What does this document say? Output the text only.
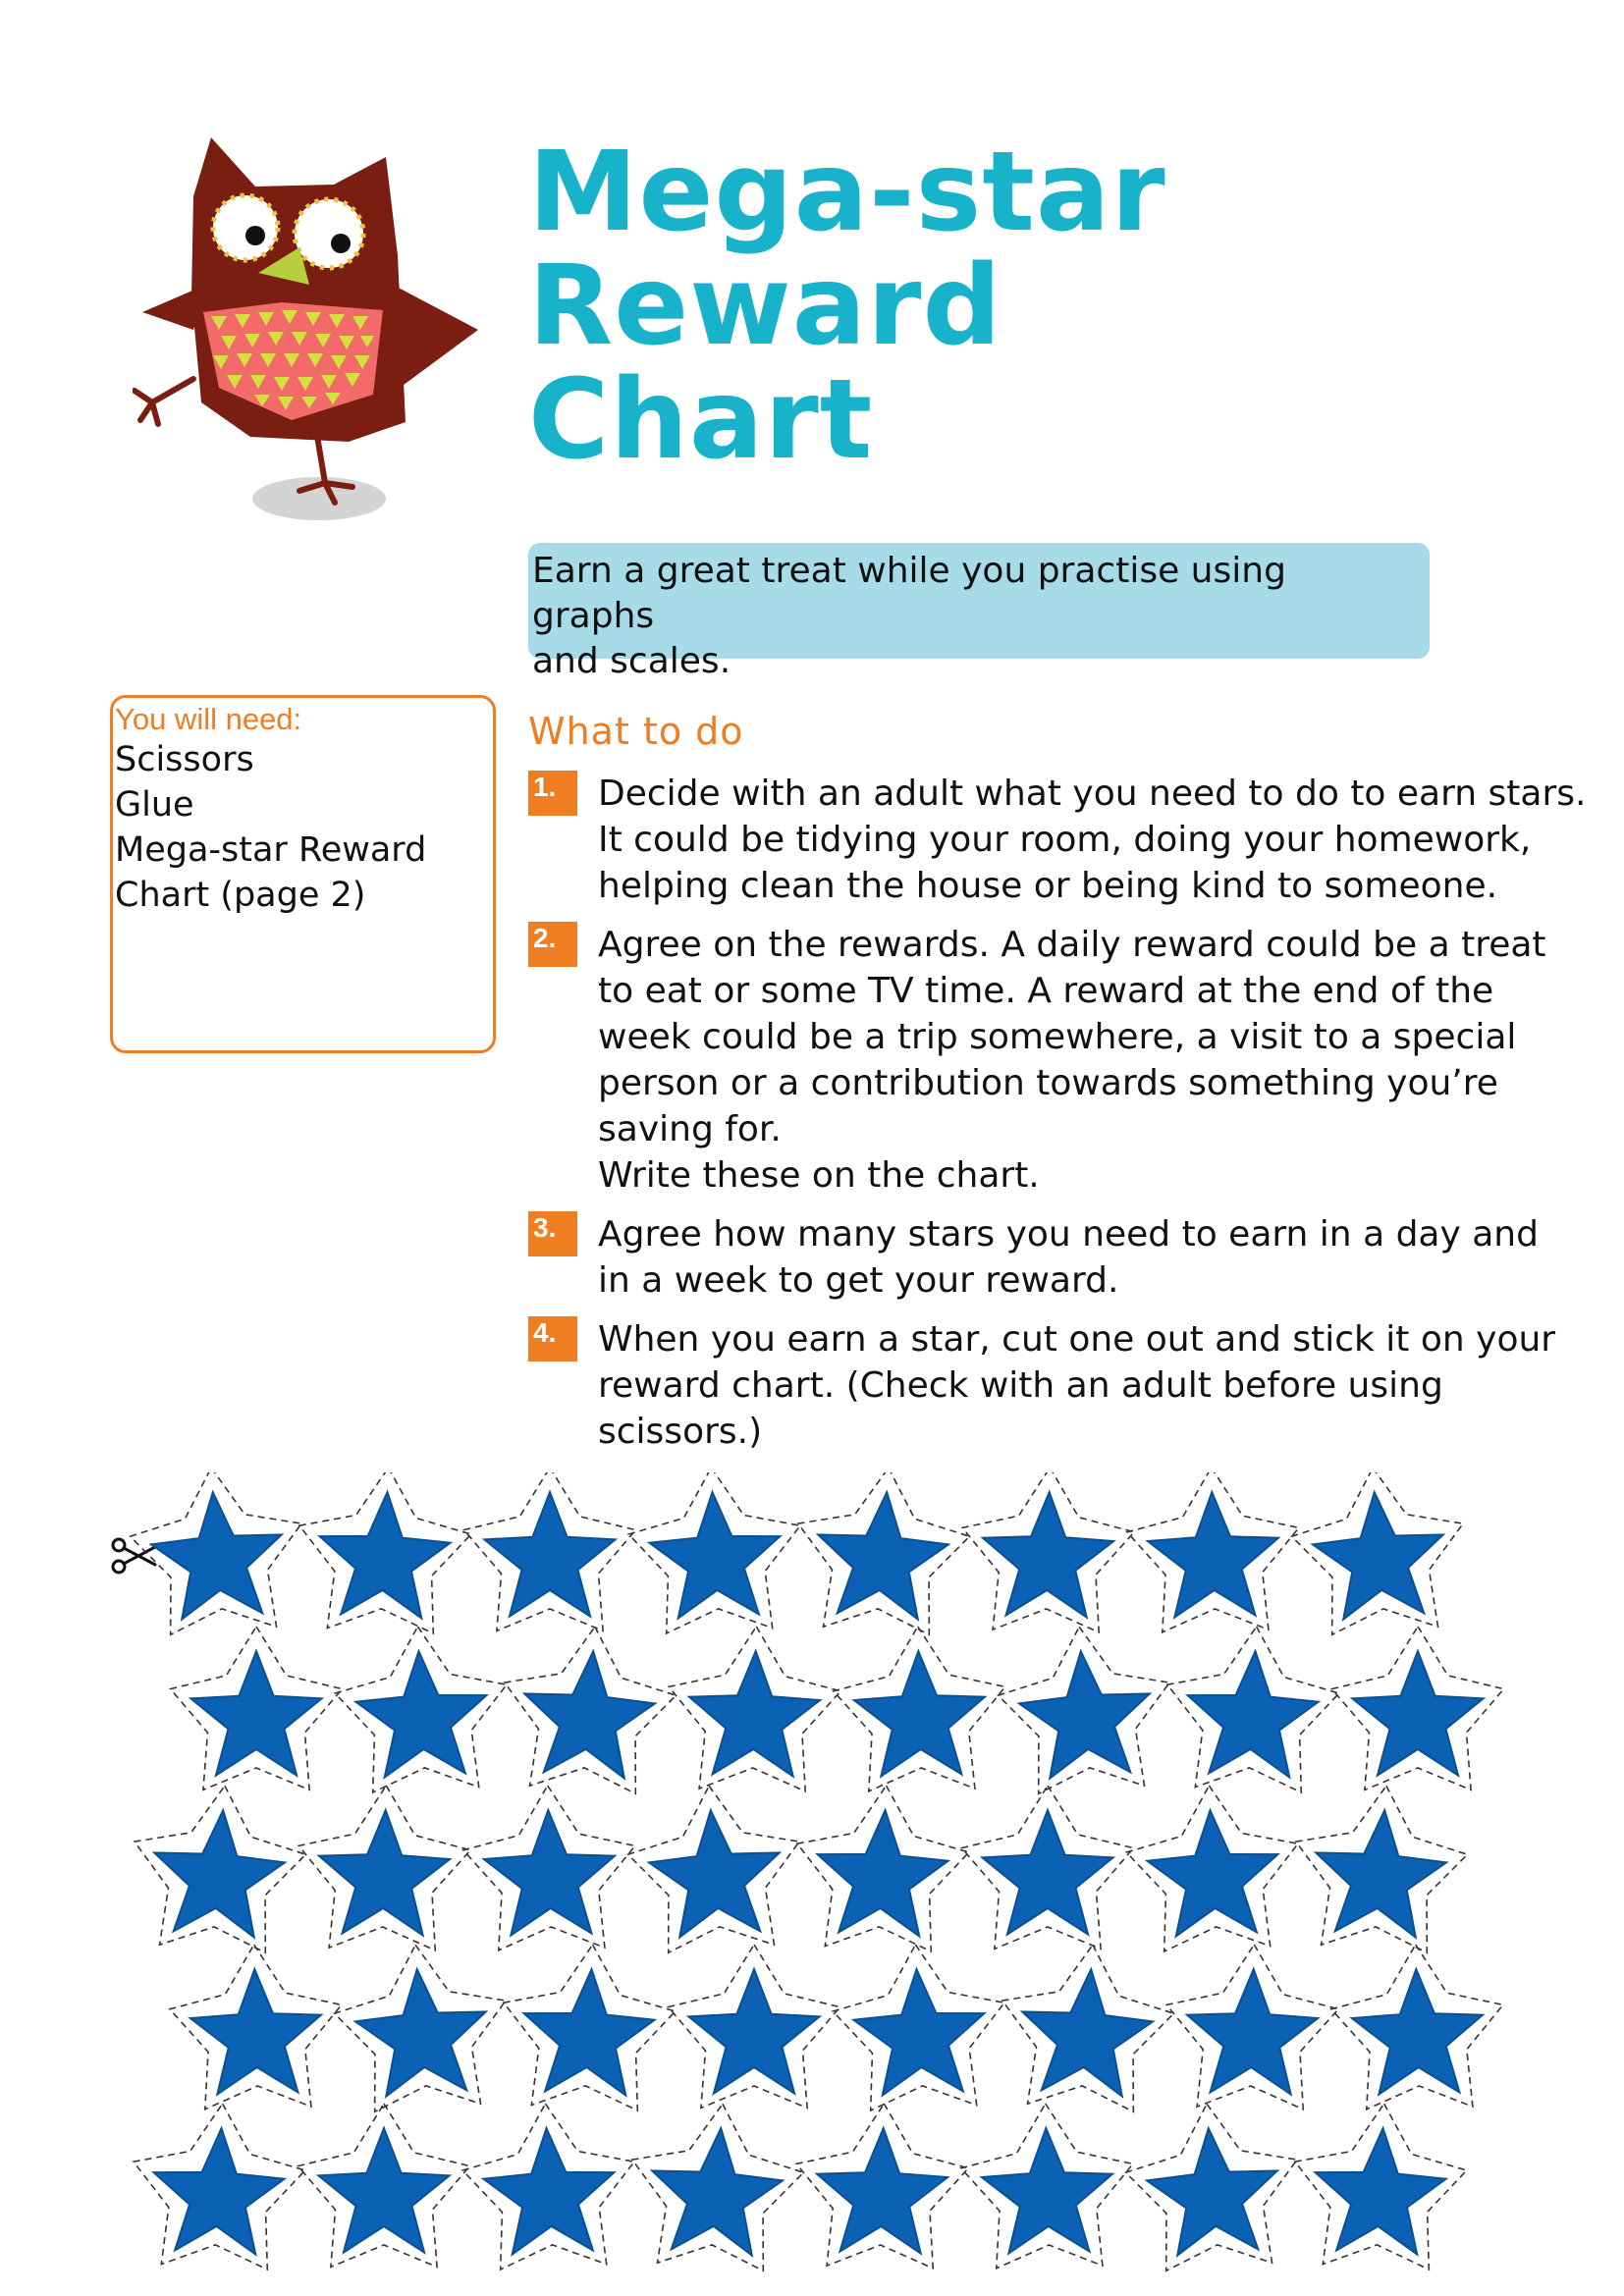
Mega-star
Reward
Chart
Earn a great treat while you practise using graphs
and scales.
You will need:
Scissors
Glue
Mega-star Reward
Chart (page 2)
What to do
1.	Decide with an adult what you need to do to earn stars.
It could be tidying your room, doing your homework,
helping clean the house or being kind to someone.
2.	Agree on the rewards. A daily reward could be a treat
to eat or some TV time. A reward at the end of the
week could be a trip somewhere, a visit to a special
person or a contribution towards something you’re
saving for.
Write these on the chart.
3.	Agree how many stars you need to earn in a day and
in a week to get your reward.
4.	When you earn a star, cut one out and stick it on your
reward chart. (Check with an adult before using
scissors.)
